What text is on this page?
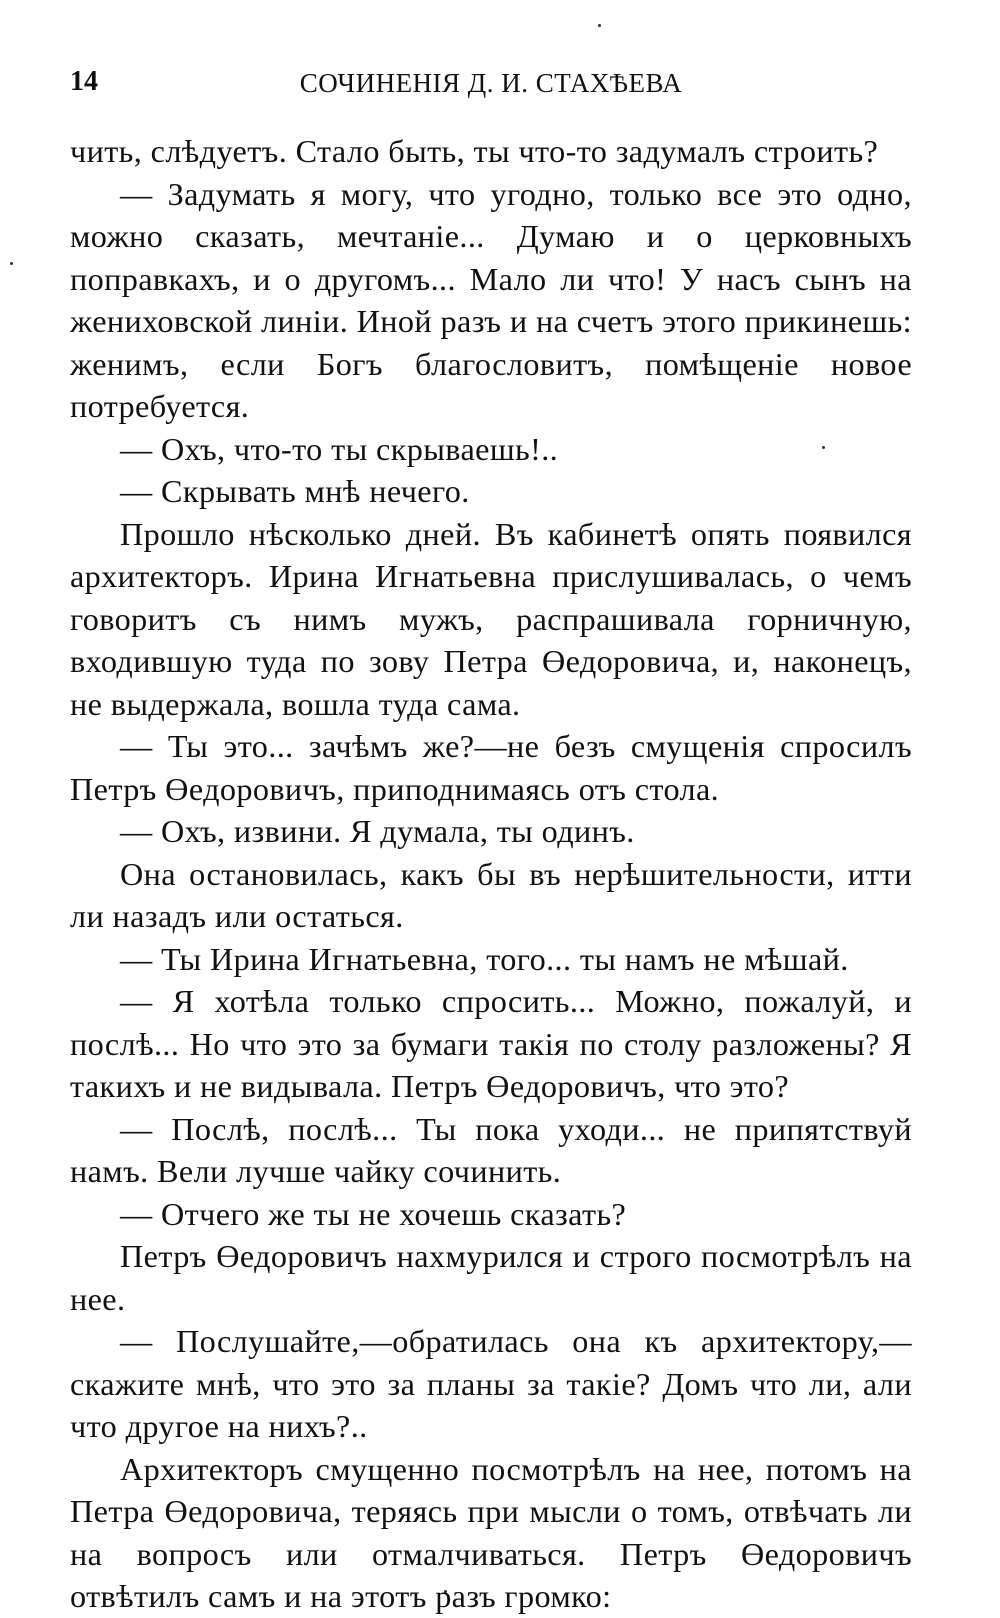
14	СОЧИНЕНІЯ Д. И. СТАХѢЕВА

чить, слѣдуетъ. Стало быть, ты что-то задумалъ строить?

— Задумать я могу, что угодно, только все это одно, можно сказать, мечтаніе... Думаю и о церковныхъ поправкахъ, и о другомъ... Мало ли что! У насъ сынъ на жениховской линіи. Иной разъ и на счетъ этого прикинешь: женимъ, если Богъ благословитъ, помѣщеніе новое потребуется.

— Охъ, что-то ты скрываешь!..

— Скрывать мнѣ нечего.

Прошло нѣсколько дней. Въ кабинетѣ опять появился архитекторъ. Ирина Игнатьевна прислушивалась, о чемъ говоритъ съ нимъ мужъ, распрашивала горничную, входившую туда по зову Петра Өедоровича, и, наконецъ, не выдержала, вошла туда сама.

— Ты это... зачѣмъ же?—не безъ смущенія спросилъ Петръ Өедоровичъ, приподнимаясь отъ стола.

— Охъ, извини. Я думала, ты одинъ.

Она остановилась, какъ бы въ нерѣшительности, итти ли назадъ или остаться.

— Ты Ирина Игнатьевна, того... ты намъ не мѣшай.

— Я хотѣла только спросить... Можно, пожалуй, и послѣ... Но что это за бумаги такія по столу разложены? Я такихъ и не видывала. Петръ Өедоровичъ, что это?

— Послѣ, послѣ... Ты пока уходи... не припятствуй намъ. Вели лучше чайку сочинить.

— Отчего же ты не хочешь сказать?

Петръ Өедоровичъ нахмурился и строго посмотрѣлъ на нее.

— Послушайте,—обратилась она къ архитектору,— скажите мнѣ, что это за планы за такіе? Домъ что ли, али что другое на нихъ?..

Архитекторъ смущенно посмотрѣлъ на нее, потомъ на Петра Өедоровича, теряясь при мысли о томъ, отвѣчать ли на вопросъ или отмалчиваться. Петръ Өедоровичъ отвѣтилъ самъ и на этотъ разъ громко:
